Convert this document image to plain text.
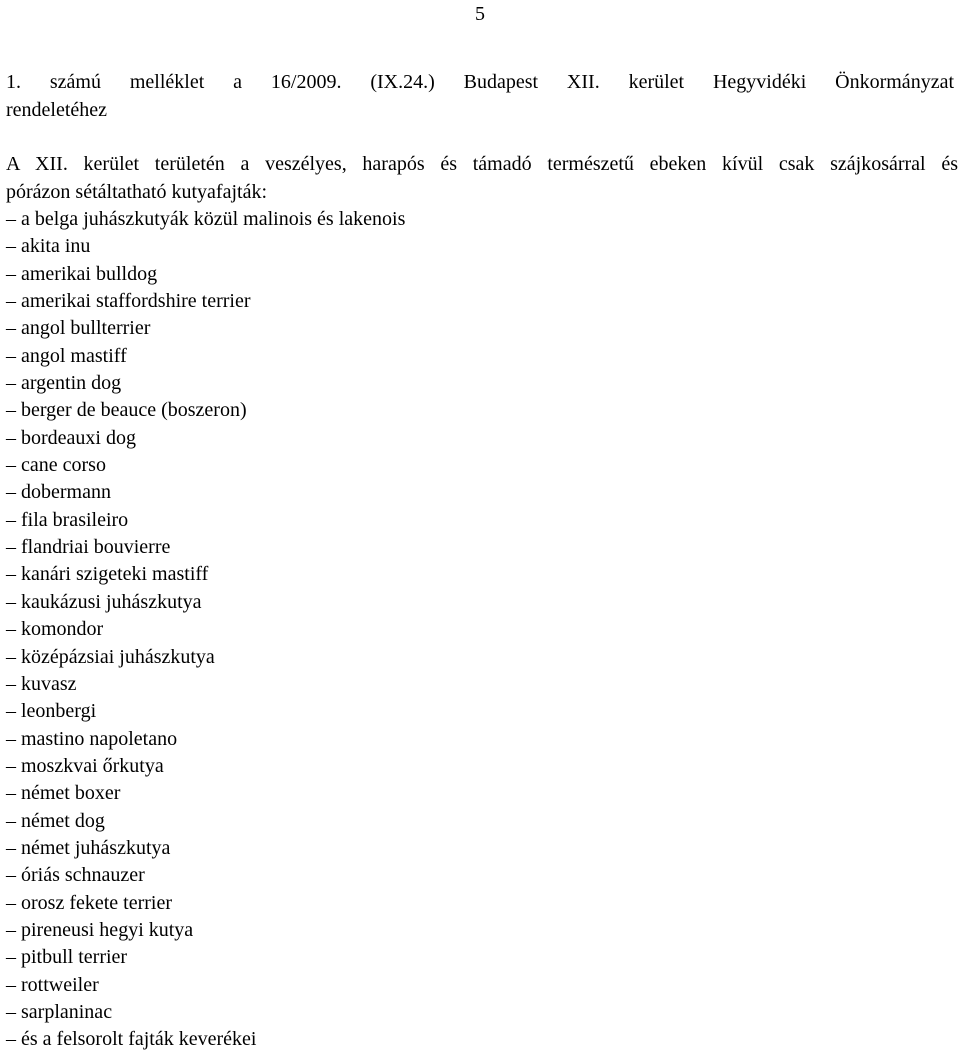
5
1. számú melléklet a 16/2009. (IX.24.) Budapest XII. kerület Hegyvidéki Önkormányzat
rendeletéhez
A XII. kerület területén a veszélyes, harapós és támadó természetű ebeken kívül csak szájkosárral és
pórázon sétáltatható kutyafajták:
– a belga juhászkutyák közül malinois és lakenois
– akita inu
– amerikai bulldog
– amerikai staffordshire terrier
– angol bullterrier
– angol mastiff
– argentin dog
– berger de beauce (boszeron)
– bordeauxi dog
– cane corso
– dobermann
– fila brasileiro
– flandriai bouvierre
– kanári szigeteki mastiff
– kaukázusi juhászkutya
– komondor
– középázsiai juhászkutya
– kuvasz
– leonbergi
– mastino napoletano
– moszkvai őrkutya
– német boxer
– német dog
– német juhászkutya
– óriás schnauzer
– orosz fekete terrier
– pireneusi hegyi kutya
– pitbull terrier
– rottweiler
– sarplaninac
– és a felsorolt fajták keverékei
